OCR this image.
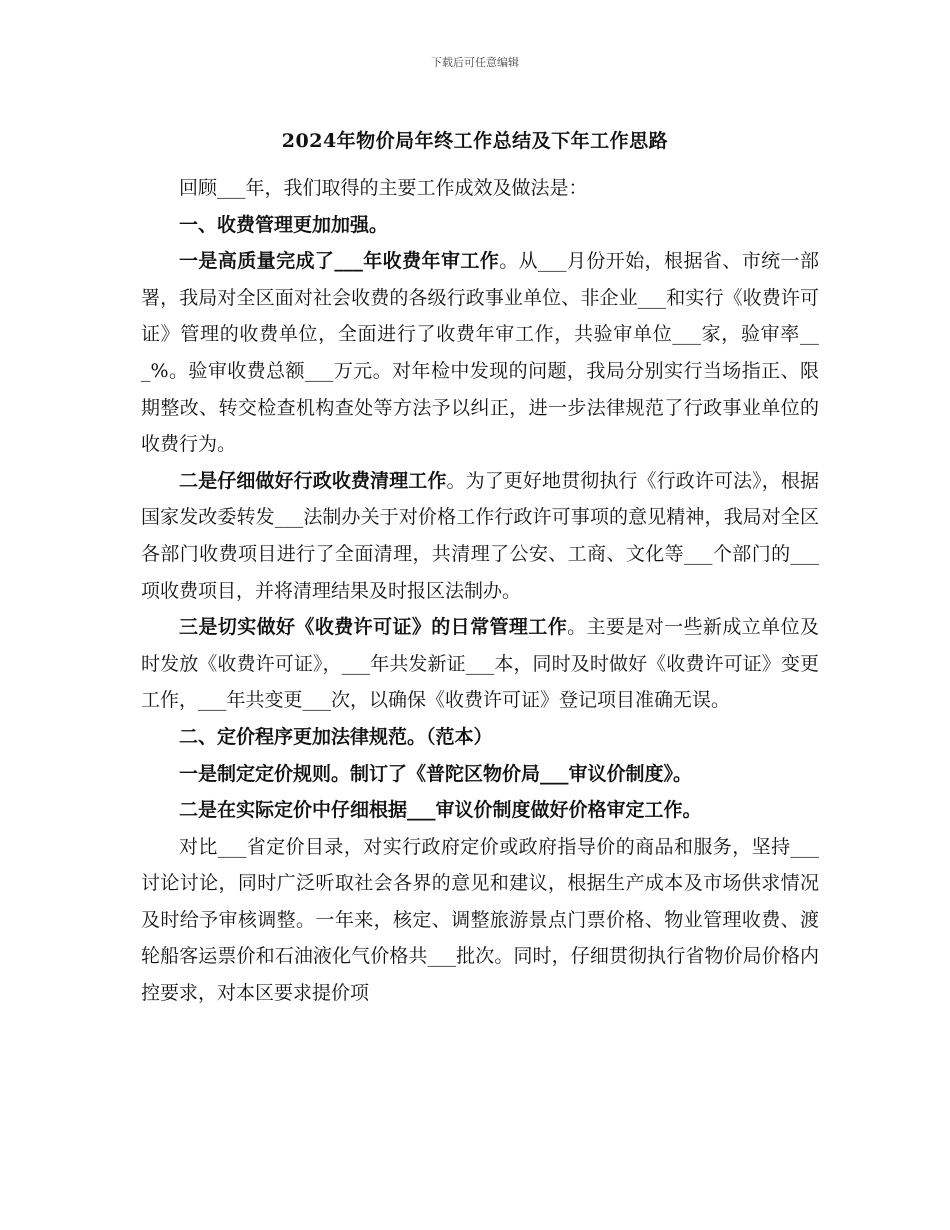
下载后可任意编辑
2024年物价局年终工作总结及下年工作思路

回顾___年，我们取得的主要工作成效及做法是：

一、收费管理更加加强。

一是高质量完成了___年收费年审工作。从___月份开始，根据省、市统一部署，我局对全区面对社会收费的各级行政事业单位、非企业___和实行《收费许可证》管理的收费单位，全面进行了收费年审工作，共验审单位___家，验审率___%。验审收费总额___万元。对年检中发现的问题，我局分别实行当场指正、限期整改、转交检查机构查处等方法予以纠正，进一步法律规范了行政事业单位的收费行为。

二是仔细做好行政收费清理工作。为了更好地贯彻执行《行政许可法》，根据国家发改委转发___法制办关于对价格工作行政许可事项的意见精神，我局对全区各部门收费项目进行了全面清理，共清理了公安、工商、文化等___个部门的___项收费项目，并将清理结果及时报区法制办。

三是切实做好《收费许可证》的日常管理工作。主要是对一些新成立单位及时发放《收费许可证》，___年共发新证___本，同时及时做好《收费许可证》变更工作，___年共变更___次，以确保《收费许可证》登记项目准确无误。

二、定价程序更加法律规范。（范本）

一是制定定价规则。制订了《普陀区物价局___审议价制度》。

二是在实际定价中仔细根据___审议价制度做好价格审定工作。

对比___省定价目录，对实行政府定价或政府指导价的商品和服务，坚持___讨论讨论，同时广泛听取社会各界的意见和建议，根据生产成本及市场供求情况及时给予审核调整。一年来，核定、调整旅游景点门票价格、物业管理收费、渡轮船客运票价和石油液化气价格共___批次。同时，仔细贯彻执行省物价局价格内控要求，对本区要求提价项
